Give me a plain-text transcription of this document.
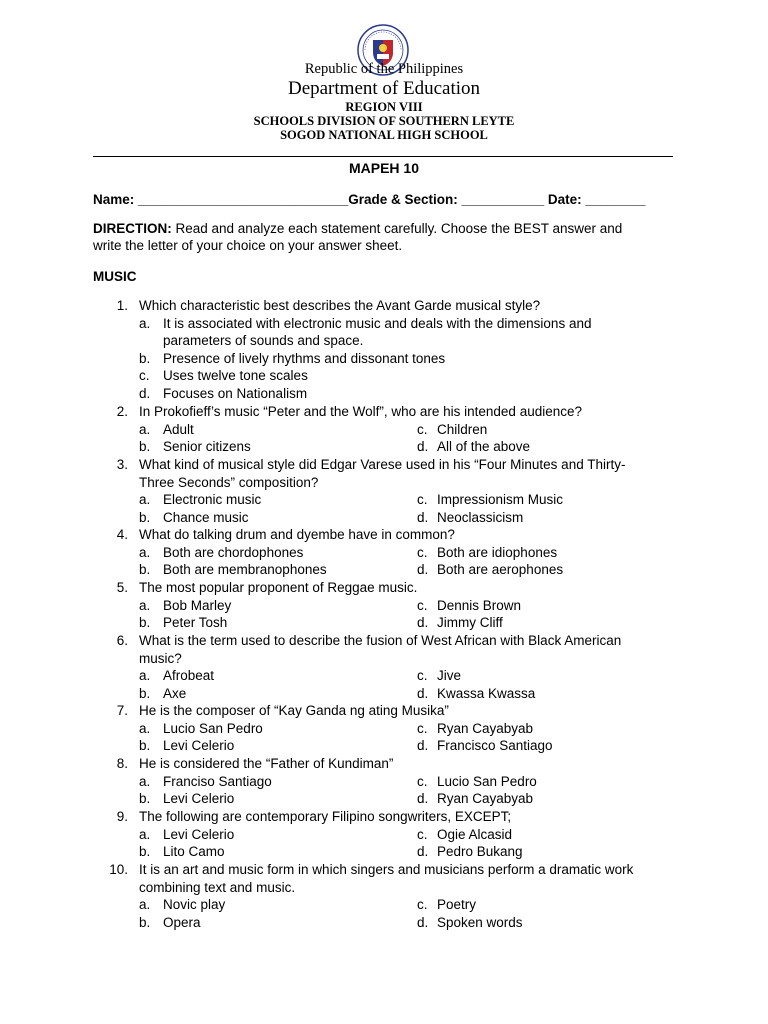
Republic of the Philippines
Department of Education
REGION VIII
SCHOOLS DIVISION OF SOUTHERN LEYTE
SOGOD NATIONAL HIGH SCHOOL
MAPEH 10
Name: ____________________________Grade & Section: ___________ Date: ________
DIRECTION: Read and analyze each statement carefully. Choose the BEST answer and
write the letter of your choice on your answer sheet.
MUSIC
1. Which characteristic best describes the Avant Garde musical style?
a. It is associated with electronic music and deals with the dimensions and
parameters of sounds and space.
b. Presence of lively rhythms and dissonant tones
c. Uses twelve tone scales
d. Focuses on Nationalism
2. In Prokofieff’s music “Peter and the Wolf”, who are his intended audience?
a. Adult	c. Children
b. Senior citizens	d. All of the above
3. What kind of musical style did Edgar Varese used in his “Four Minutes and Thirty-
Three Seconds” composition?
a. Electronic music	c. Impressionism Music
b. Chance music	d. Neoclassicism
4. What do talking drum and dyembe have in common?
a. Both are chordophones	c. Both are idiophones
b. Both are membranophones	d. Both are aerophones
5. The most popular proponent of Reggae music.
a. Bob Marley	c. Dennis Brown
b. Peter Tosh	d. Jimmy Cliff
6. What is the term used to describe the fusion of West African with Black American
music?
a. Afrobeat	c. Jive
b. Axe	d. Kwassa Kwassa
7. He is the composer of “Kay Ganda ng ating Musika”
a. Lucio San Pedro	c. Ryan Cayabyab
b. Levi Celerio	d. Francisco Santiago
8. He is considered the “Father of Kundiman”
a. Franciso Santiago	c. Lucio San Pedro
b. Levi Celerio	d. Ryan Cayabyab
9. The following are contemporary Filipino songwriters, EXCEPT;
a. Levi Celerio	c. Ogie Alcasid
b. Lito Camo	d. Pedro Bukang
10. It is an art and music form in which singers and musicians perform a dramatic work
combining text and music.
a. Novic play	c. Poetry
b. Opera	d. Spoken words
